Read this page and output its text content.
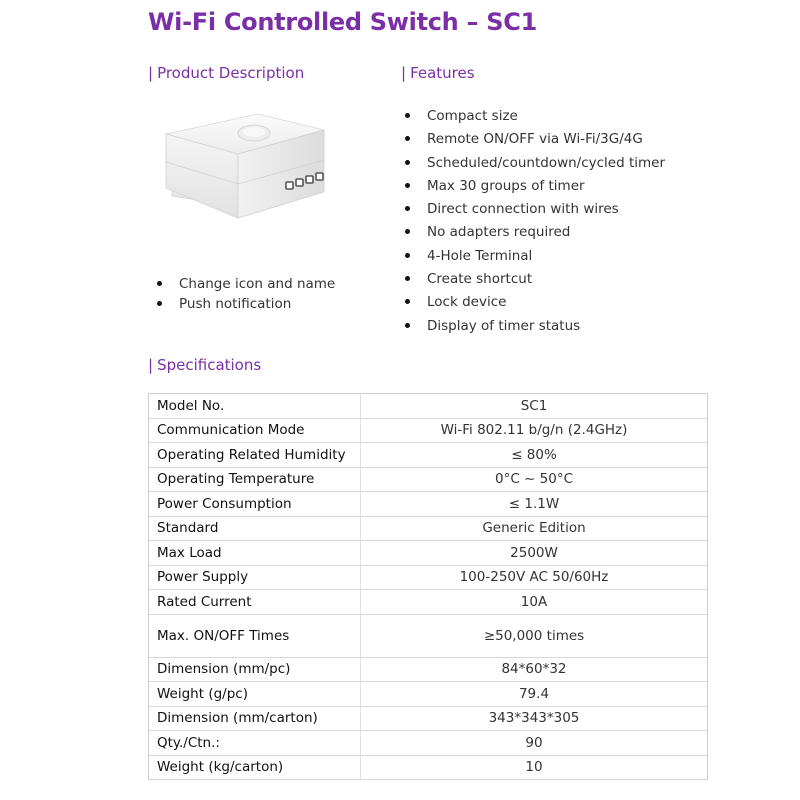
Wi-Fi Controlled Switch – SC1
| Product Description	| Features
| Specifications
Change icon and name
Push notification
Compact size
Remote ON/OFF via Wi-Fi/3G/4G
Scheduled/countdown/cycled timer
Max 30 groups of timer
Direct connection with wires
No adapters required
4-Hole Terminal
Create shortcut
Lock device
Display of timer status
Model No.	SC1
Communication Mode	Wi-Fi 802.11 b/g/n (2.4GHz)
Operating Related Humidity	≤ 80%
Operating Temperature	0°C ~ 50°C
Power Consumption	≤ 1.1W
Standard	Generic Edition
Max Load	2500W
Power Supply	100-250V AC 50/60Hz
Rated Current	10A
Max. ON/OFF Times	≥50,000 times
Dimension (mm/pc)	84*60*32
Weight (g/pc)	79.4
Dimension (mm/carton)	343*343*305
Qty./Ctn.:	90
Weight (kg/carton)	10
